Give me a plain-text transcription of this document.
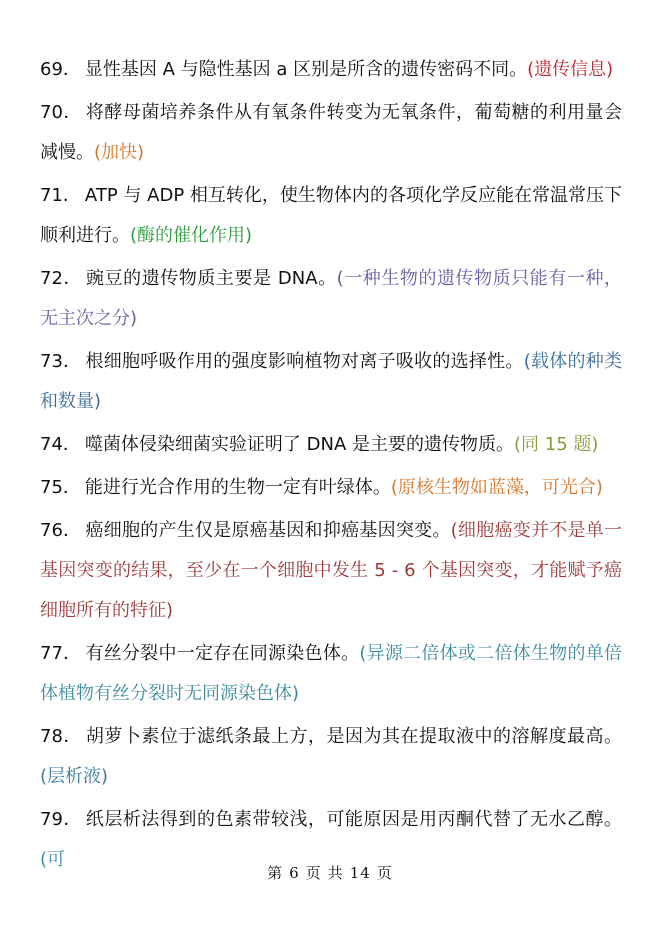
69． 显性基因 A 与隐性基因 a 区别是所含的遗传密码不同。(遗传信息)
70． 将酵母菌培养条件从有氧条件转变为无氧条件，葡萄糖的利用量会减慢。(加快)
71． ATP 与 ADP 相互转化，使生物体内的各项化学反应能在常温常压下顺利进行。(酶的催化作用)
72． 豌豆的遗传物质主要是 DNA。(一种生物的遗传物质只能有一种，无主次之分)
73． 根细胞呼吸作用的强度影响植物对离子吸收的选择性。(载体的种类和数量)
74． 噬菌体侵染细菌实验证明了 DNA 是主要的遗传物质。(同 15 题)
75． 能进行光合作用的生物一定有叶绿体。(原核生物如蓝藻，可光合)
76． 癌细胞的产生仅是原癌基因和抑癌基因突变。(细胞癌变并不是单一基因突变的结果，至少在一个细胞中发生 5 - 6 个基因突变，才能赋予癌细胞所有的特征)
77． 有丝分裂中一定存在同源染色体。(异源二倍体或二倍体生物的单倍体植物有丝分裂时无同源染色体)
78． 胡萝卜素位于滤纸条最上方，是因为其在提取液中的溶解度最高。(层析液)
79． 纸层析法得到的色素带较浅，可能原因是用丙酮代替了无水乙醇。(可
第 6 页 共 14 页
